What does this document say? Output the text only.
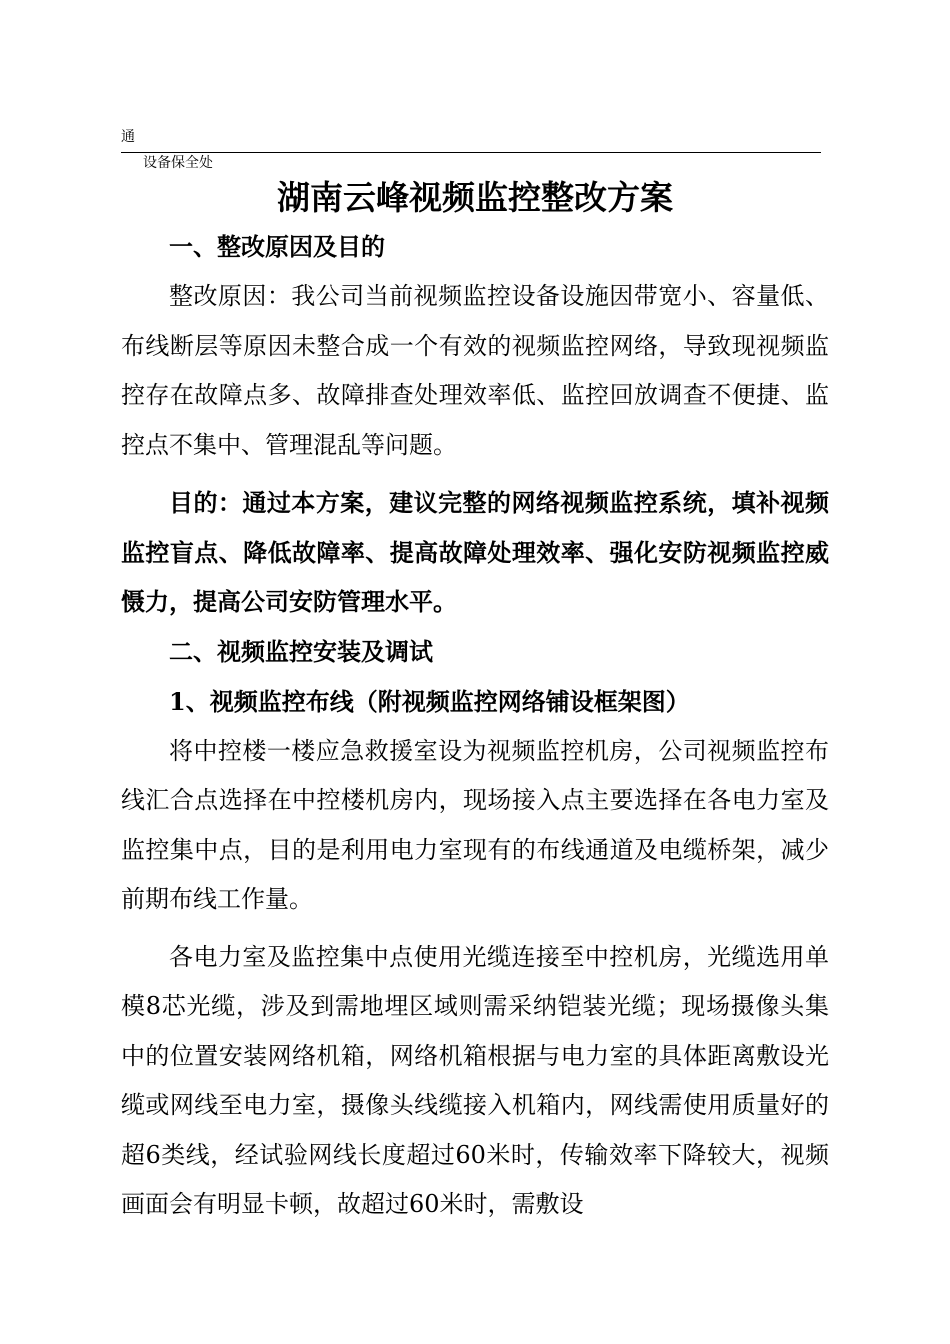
通
设备保全处
湖南云峰视频监控整改方案

一、整改原因及目的

整改原因：我公司当前视频监控设备设施因带宽小、容量低、布线断层等原因未整合成一个有效的视频监控网络，导致现视频监控存在故障点多、故障排查处理效率低、监控回放调查不便捷、监控点不集中、管理混乱等问题。

目的：通过本方案，建议完整的网络视频监控系统，填补视频监控盲点、降低故障率、提高故障处理效率、强化安防视频监控威慑力，提高公司安防管理水平。

二、视频监控安装及调试

1、视频监控布线（附视频监控网络铺设框架图）

将中控楼一楼应急救援室设为视频监控机房，公司视频监控布线汇合点选择在中控楼机房内，现场接入点主要选择在各电力室及监控集中点，目的是利用电力室现有的布线通道及电缆桥架，减少前期布线工作量。

各电力室及监控集中点使用光缆连接至中控机房，光缆选用单模8芯光缆，涉及到需地埋区域则需采纳铠装光缆；现场摄像头集中的位置安装网络机箱，网络机箱根据与电力室的具体距离敷设光缆或网线至电力室，摄像头线缆接入机箱内，网线需使用质量好的超6类线，经试验网线长度超过60米时，传输效率下降较大，视频画面会有明显卡顿，故超过60米时，需敷设
